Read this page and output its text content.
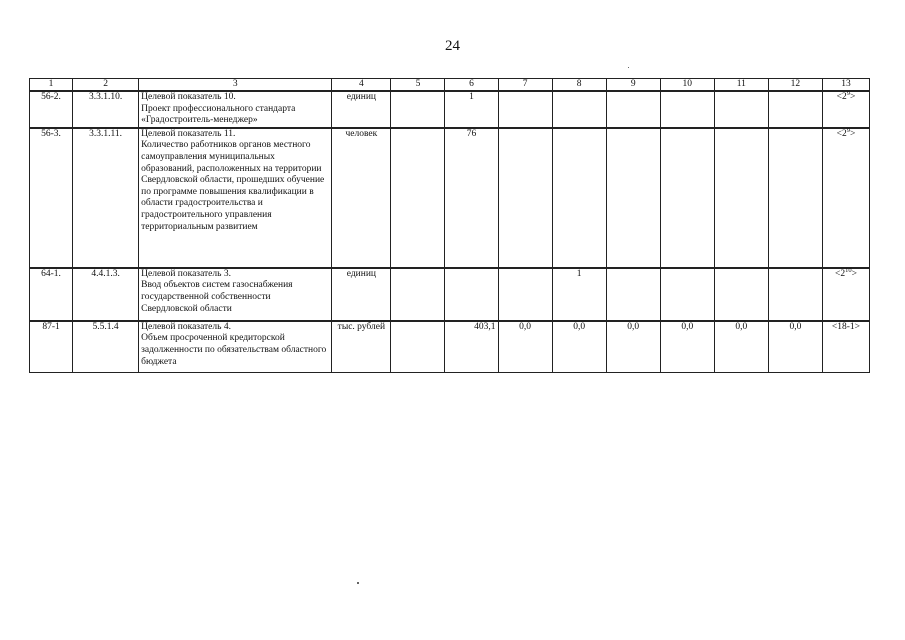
24
1	2	3	4	5	6	7	8	9	10	11	12	13
56-2.	3.3.1.10.	Целевой показатель 10.
Проект профессионального стандарта «Градостроитель-менеджер»	единиц		1							$<2^9>$
56-3.	3.3.1.11.	Целевой показатель 11.
Количество работников органов местного самоуправления муниципальных образований, расположенных на территории Свердловской области, прошедших обучение по программе повышения квалификации в области градостроительства и градостроительного управления территориальным развитием	человек		76							$<2^9>$
64-1.	4.4.1.3.	Целевой показатель 3.
Ввод объектов систем газоснабжения государственной собственности Свердловской области	единиц				1					$<2^{10}>$
87-1	5.5.1.4	Целевой показатель 4.
Объем просроченной кредиторской задолженности по обязательствам областного бюджета	тыс. рублей		403,1	0,0	0,0	0,0	0,0	0,0	0,0	<18-1>
